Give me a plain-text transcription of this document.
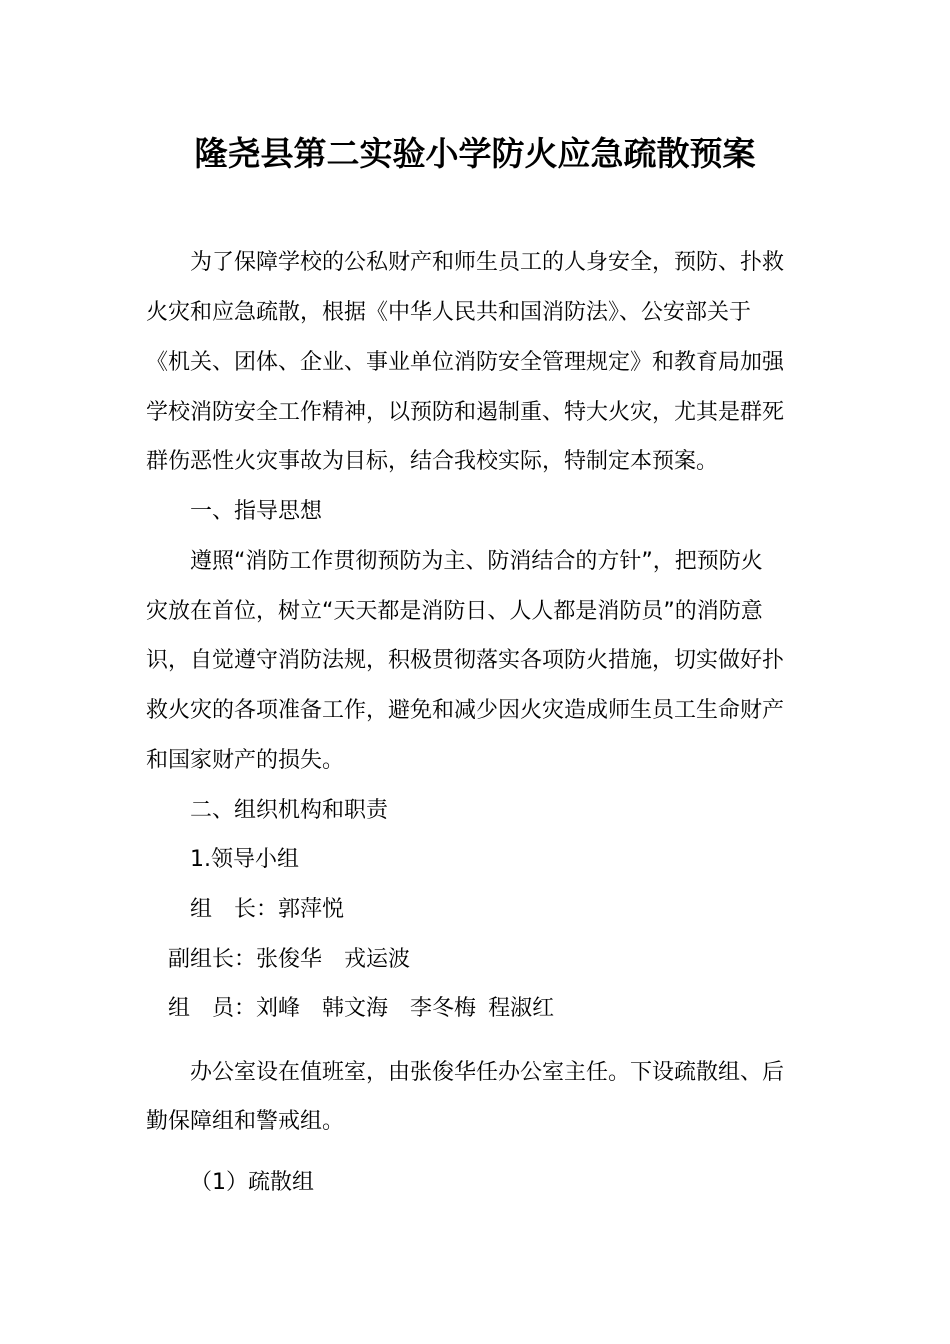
隆尧县第二实验小学防火应急疏散预案
为了保障学校的公私财产和师生员工的人身安全，预防、扑救
火灾和应急疏散，根据《中华人民共和国消防法》、公安部关于
《机关、团体、企业、事业单位消防安全管理规定》和教育局加强
学校消防安全工作精神，以预防和遏制重、特大火灾，尤其是群死
群伤恶性火灾事故为目标，结合我校实际，特制定本预案。
一、指导思想
遵照“消防工作贯彻预防为主、防消结合的方针”，把预防火
灾放在首位，树立“天天都是消防日、人人都是消防员”的消防意
识，自觉遵守消防法规，积极贯彻落实各项防火措施，切实做好扑
救火灾的各项准备工作，避免和减少因火灾造成师生员工生命财产
和国家财产的损失。
二、组织机构和职责
1.领导小组
组　长：郭萍悦
副组长：张俊华 戎运波
组　员：刘峰 韩文海 李冬梅 程淑红
办公室设在值班室，由张俊华任办公室主任。下设疏散组、后
勤保障组和警戒组。
（1）疏散组
